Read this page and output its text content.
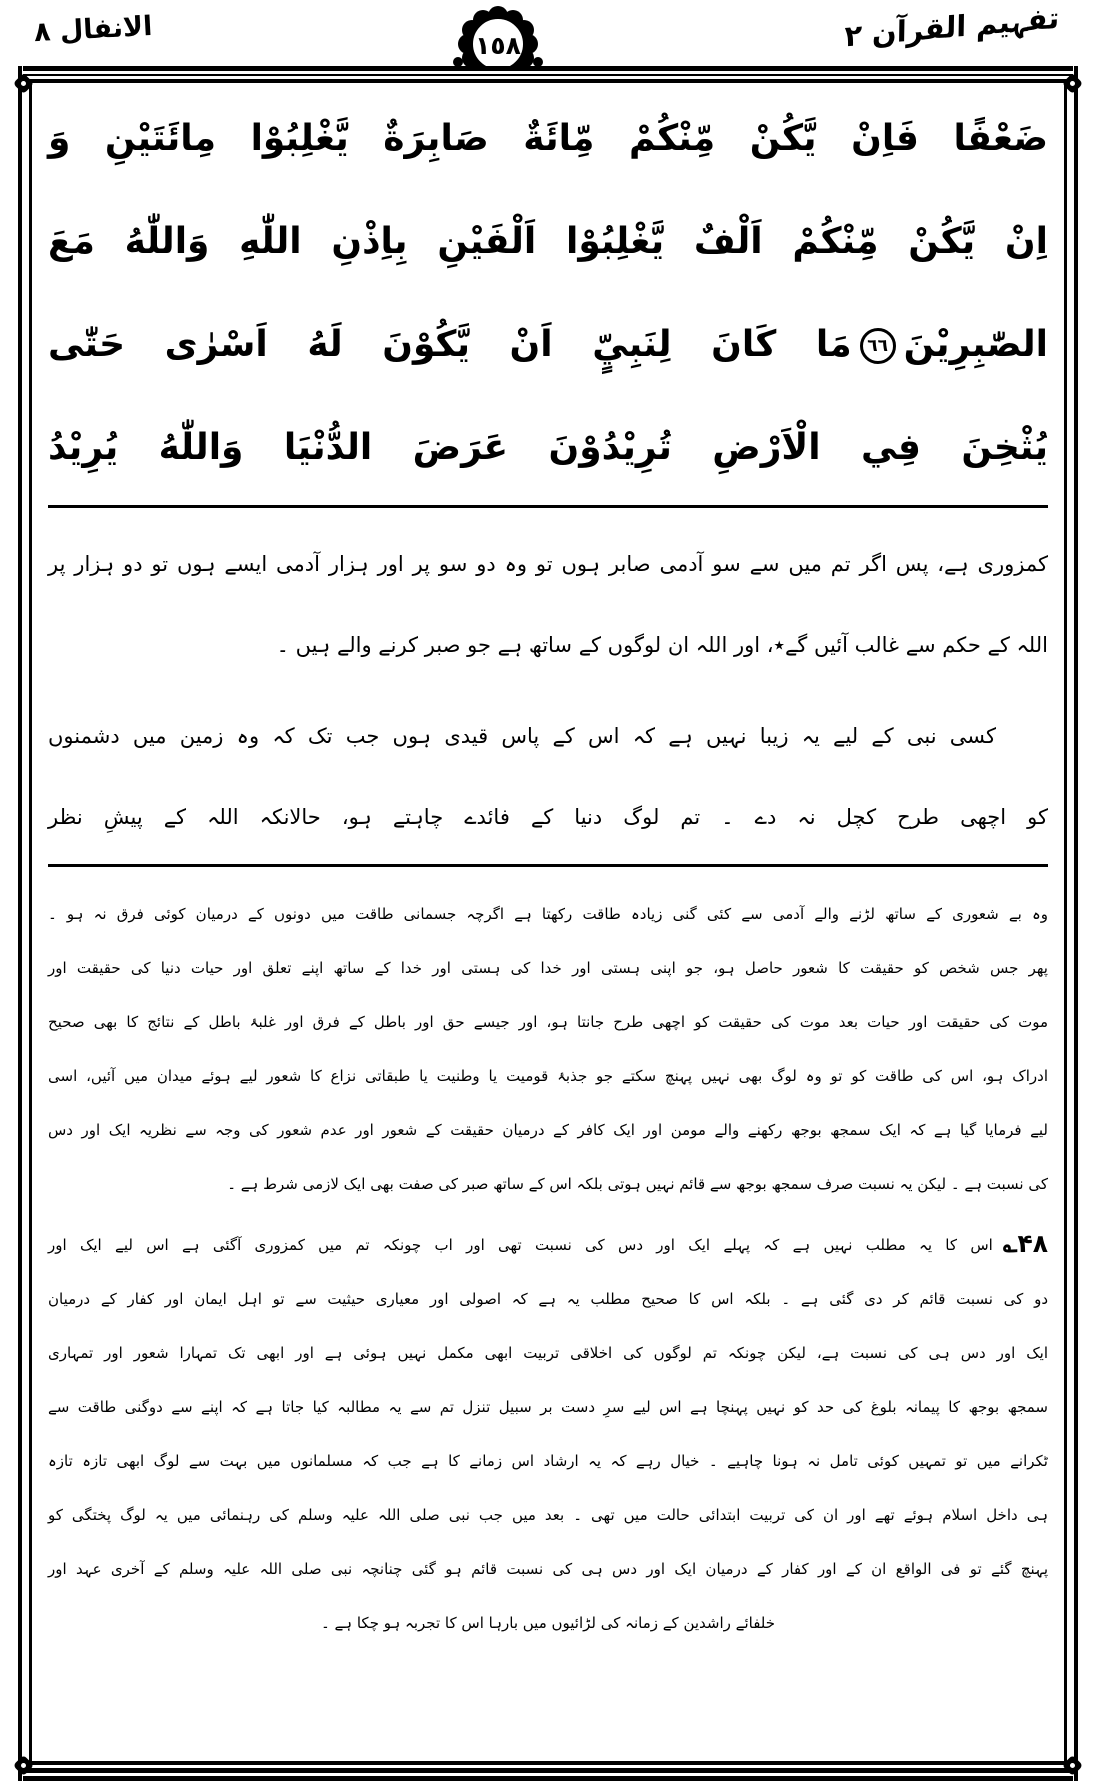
تفہیم القرآن ۲
١٥٨
الانفال ٨

ضَعْفًا فَاِنْ يَّكُنْ مِّنْكُمْ مِّائَةٌ صَابِرَةٌ يَّغْلِبُوْا مِائَتَيْنِ وَ

اِنْ يَّكُنْ مِّنْكُمْ اَلْفٌ يَّغْلِبُوْا اَلْفَيْنِ بِاِذْنِ اللّٰهِ وَاللّٰهُ مَعَ

الصّٰبِرِيْنَ٦٦مَا كَانَ لِنَبِيٍّ اَنْ يَّكُوْنَ لَهُ اَسْرٰى حَتّٰى

يُثْخِنَ فِي الْاَرْضِ تُرِيْدُوْنَ عَرَضَ الدُّنْيَا وَاللّٰهُ يُرِيْدُ

کمزوری ہے، پس اگر تم میں سے سو آدمی صابر ہوں تو وہ دو سو پر اور ہزار آدمی ایسے ہوں تو دو ہزار پر

اللہ کے حکم سے غالب آئیں گے٭، اور اللہ ان لوگوں کے ساتھ ہے جو صبر کرنے والے ہیں ۔

کسی نبی کے لیے یہ زیبا نہیں ہے کہ اس کے پاس قیدی ہوں جب تک کہ وہ زمین میں دشمنوں

کو اچھی طرح کچل نہ دے ۔ تم لوگ دنیا کے فائدے چاہتے ہو، حالانکہ اللہ کے پیشِ نظر

وہ بے شعوری کے ساتھ لڑنے والے آدمی سے کئی گنی زیادہ طاقت رکھتا ہے اگرچہ جسمانی طاقت میں دونوں کے درمیان کوئی فرق نہ ہو ۔

پھر جس شخص کو حقیقت کا شعور حاصل ہو، جو اپنی ہستی اور خدا کی ہستی اور خدا کے ساتھ اپنے تعلق اور حیات دنیا کی حقیقت اور

موت کی حقیقت اور حیات بعد موت کی حقیقت کو اچھی طرح جانتا ہو، اور جیسے حق اور باطل کے فرق اور غلبۂ باطل کے نتائج کا بھی صحیح

ادراک ہو، اس کی طاقت کو تو وہ لوگ بھی نہیں پہنچ سکتے جو جذبۂ قومیت یا وطنیت یا طبقاتی نزاع کا شعور لیے ہوئے میدان میں آئیں، اسی

لیے فرمایا گیا ہے کہ ایک سمجھ بوجھ رکھنے والے مومن اور ایک کافر کے درمیان حقیقت کے شعور اور عدم شعور کی وجہ سے نظریہ ایک اور دس

کی نسبت ہے ۔ لیکن یہ نسبت صرف سمجھ بوجھ سے قائم نہیں ہوتی بلکہ اس کے ساتھ صبر کی صفت بھی ایک لازمی شرط ہے ۔

۴۸؎اس کا یہ مطلب نہیں ہے کہ پہلے ایک اور دس کی نسبت تھی اور اب چونکہ تم میں کمزوری آگئی ہے اس لیے ایک اور

دو کی نسبت قائم کر دی گئی ہے ۔ بلکہ اس کا صحیح مطلب یہ ہے کہ اصولی اور معیاری حیثیت سے تو اہل ایمان اور کفار کے درمیان

ایک اور دس ہی کی نسبت ہے، لیکن چونکہ تم لوگوں کی اخلاقی تربیت ابھی مکمل نہیں ہوئی ہے اور ابھی تک تمہارا شعور اور تمہاری

سمجھ بوجھ کا پیمانہ بلوغ کی حد کو نہیں پہنچا ہے اس لیے سرِ دست بر سبیل تنزل تم سے یہ مطالبہ کیا جاتا ہے کہ اپنے سے دوگنی طاقت سے

ٹکرانے میں تو تمہیں کوئی تامل نہ ہونا چاہیے ۔ خیال رہے کہ یہ ارشاد اس زمانے کا ہے جب کہ مسلمانوں میں بہت سے لوگ ابھی تازہ تازہ

ہی داخل اسلام ہوئے تھے اور ان کی تربیت ابتدائی حالت میں تھی ۔ بعد میں جب نبی صلی اللہ علیہ وسلم کی رہنمائی میں یہ لوگ پختگی کو

پہنچ گئے تو فی الواقع ان کے اور کفار کے درمیان ایک اور دس ہی کی نسبت قائم ہو گئی چنانچہ نبی صلی اللہ علیہ وسلم کے آخری عہد اور

خلفائے راشدین کے زمانہ کی لڑائیوں میں بارہا اس کا تجربہ ہو چکا ہے ۔
